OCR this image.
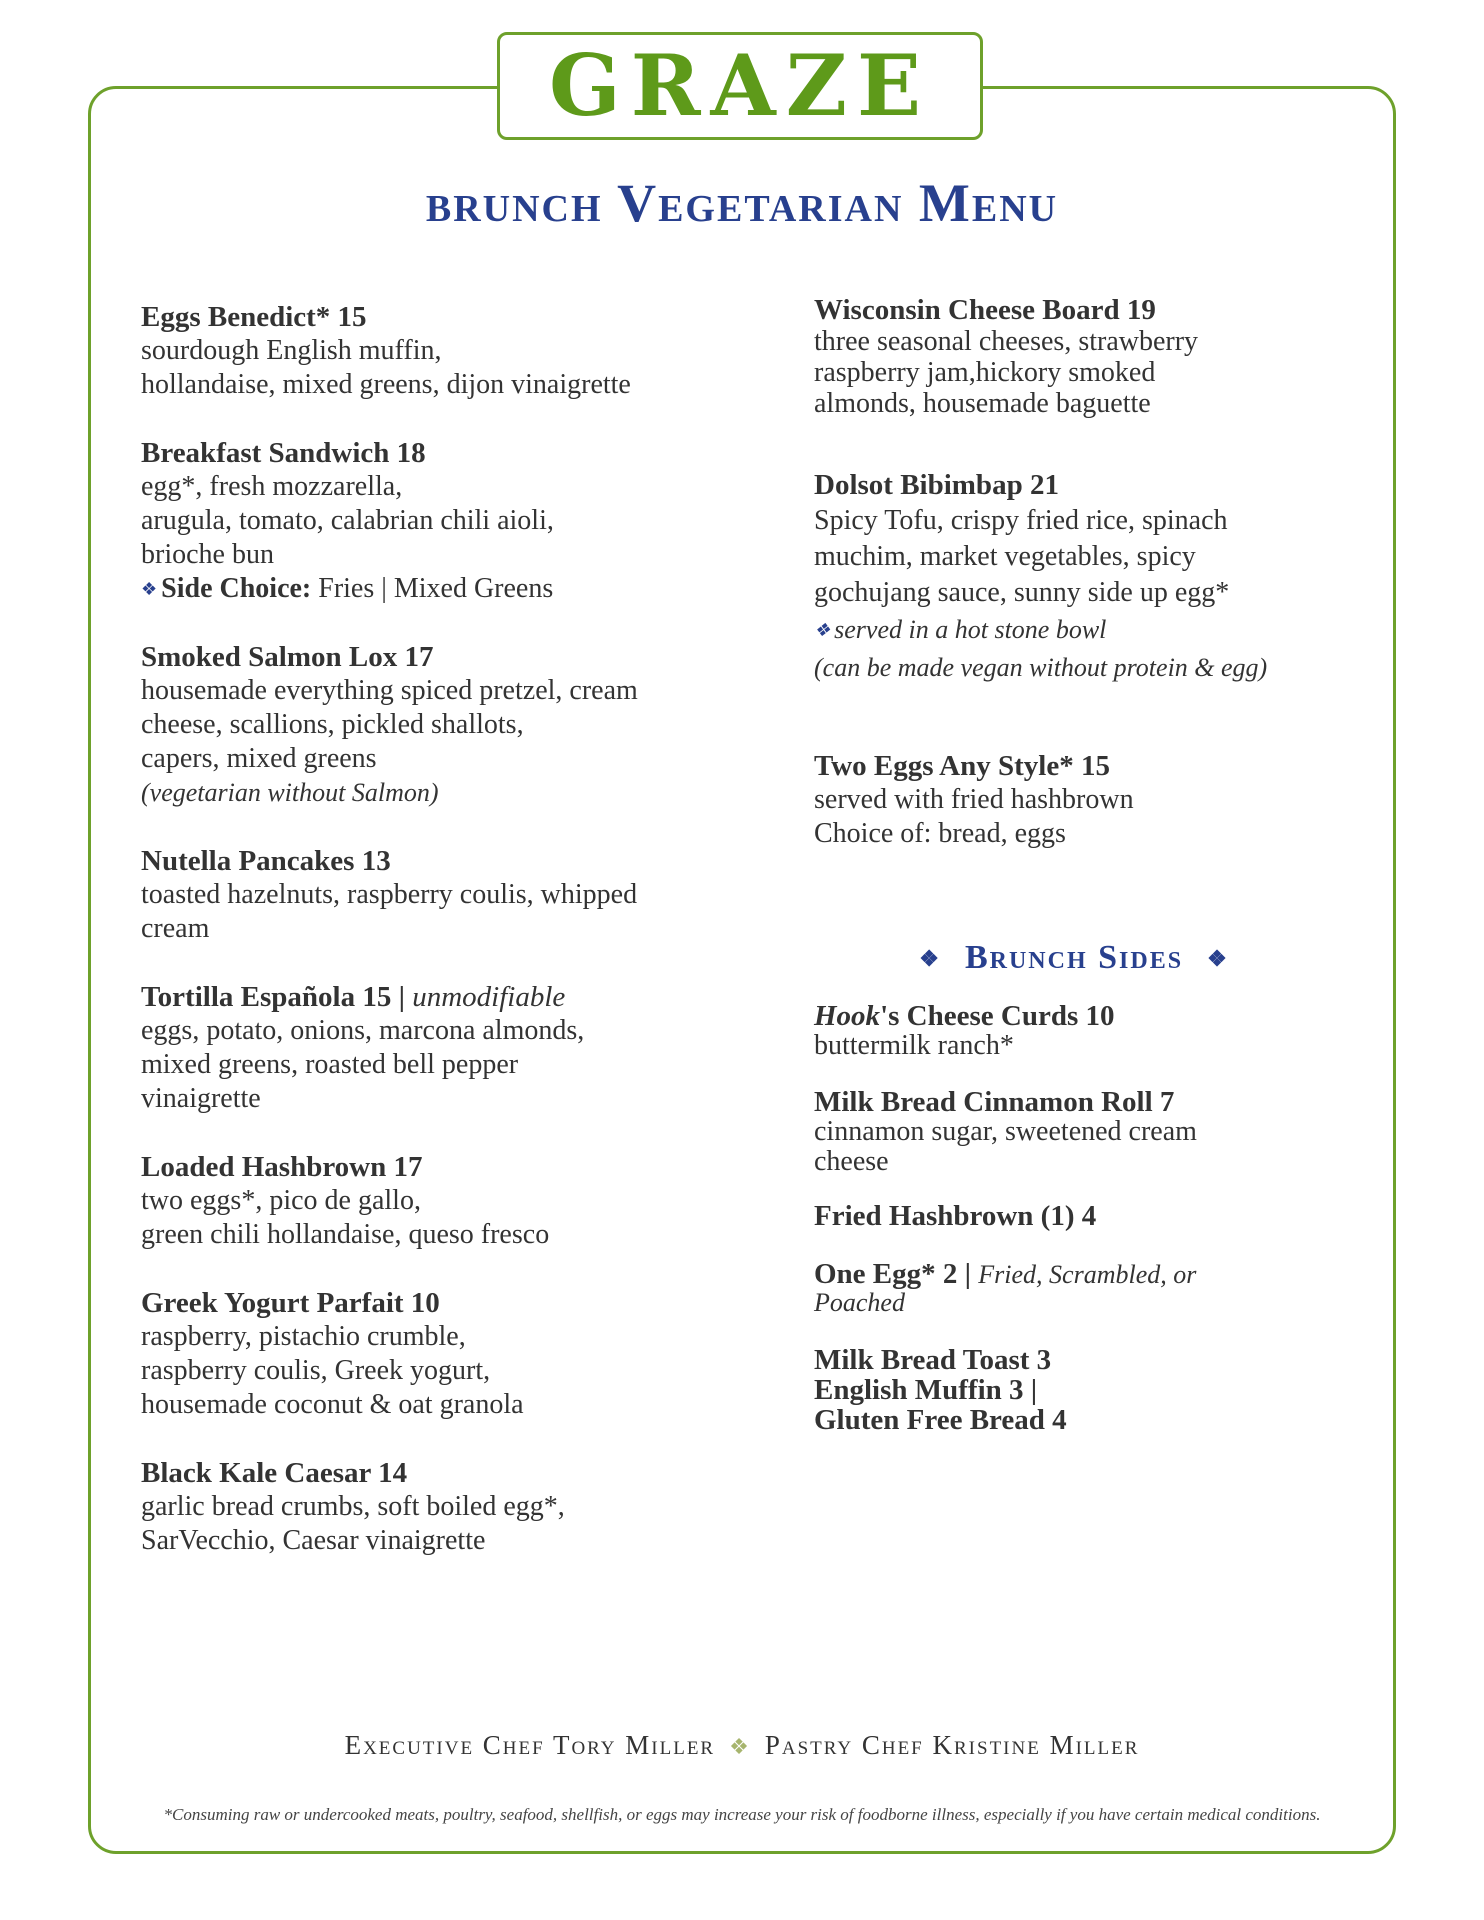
GRAZE
brunch Vegetarian Menu
Eggs Benedict* 15
sourdough English muffin,
hollandaise, mixed greens, dijon vinaigrette
Breakfast Sandwich 18
egg*, fresh mozzarella,
arugula, tomato, calabrian chili aioli,
brioche bun
❖ Side Choice: Fries | Mixed Greens
Smoked Salmon Lox 17
housemade everything spiced pretzel, cream
cheese, scallions, pickled shallots,
capers, mixed greens
(vegetarian without Salmon)
Nutella Pancakes 13
toasted hazelnuts, raspberry coulis, whipped
cream
Tortilla Española 15 | unmodifiable
eggs, potato, onions, marcona almonds,
mixed greens, roasted bell pepper
vinaigrette
Loaded Hashbrown 17
two eggs*, pico de gallo,
green chili hollandaise, queso fresco
Greek Yogurt Parfait 10
raspberry, pistachio crumble,
raspberry coulis, Greek yogurt,
housemade coconut & oat granola
Black Kale Caesar 14
garlic bread crumbs, soft boiled egg*,
SarVecchio, Caesar vinaigrette
Wisconsin Cheese Board 19
three seasonal cheeses, strawberry
raspberry jam,hickory smoked
almonds, housemade baguette
Dolsot Bibimbap 21
Spicy Tofu, crispy fried rice, spinach
muchim, market vegetables, spicy
gochujang sauce, sunny side up egg*
❖ served in a hot stone bowl
(can be made vegan without protein & egg)
Two Eggs Any Style* 15
served with fried hashbrown
Choice of: bread, eggs
❖ Brunch Sides ❖
Hook's Cheese Curds 10
buttermilk ranch*
Milk Bread Cinnamon Roll 7
cinnamon sugar, sweetened cream
cheese
Fried Hashbrown (1) 4
One Egg* 2 | Fried, Scrambled, or
Poached
Milk Bread Toast 3
English Muffin 3 |
Gluten Free Bread 4
Executive Chef Tory Miller ❖ Pastry Chef Kristine Miller
*Consuming raw or undercooked meats, poultry, seafood, shellfish, or eggs may increase your risk of foodborne illness, especially if you have certain medical conditions.
